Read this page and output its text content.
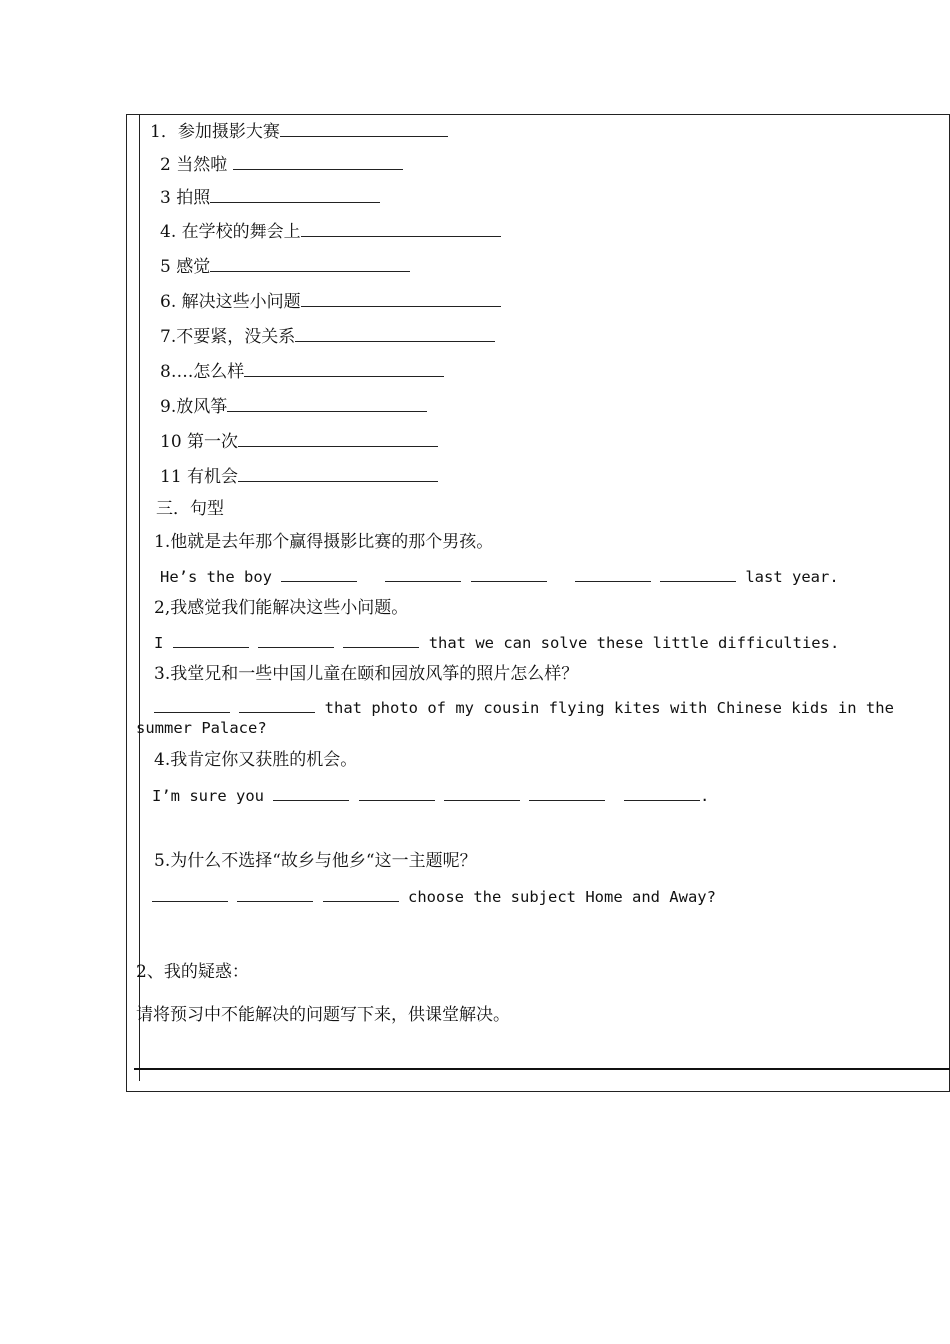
1．参加摄影大赛
2 当然啦
3 拍照
4. 在学校的舞会上
5 感觉
6. 解决这些小问题
7.不要紧，没关系
8….怎么样
9.放风筝
10 第一次
11 有机会
三．句型
1.他就是去年那个赢得摄影比赛的那个男孩。
He’s the boy	last year.
2,我感觉我们能解决这些小问题。
I	that we can solve these little difficulties.
3.我堂兄和一些中国儿童在颐和园放风筝的照片怎么样？
that photo of my cousin flying kites with Chinese kids in the
summer Palace?
4.我肯定你又获胜的机会。
I’m sure you	.
5.为什么不选择“故乡与他乡“这一主题呢？
choose the subject Home and Away?
2、我的疑惑：
请将预习中不能解决的问题写下来，供课堂解决。
